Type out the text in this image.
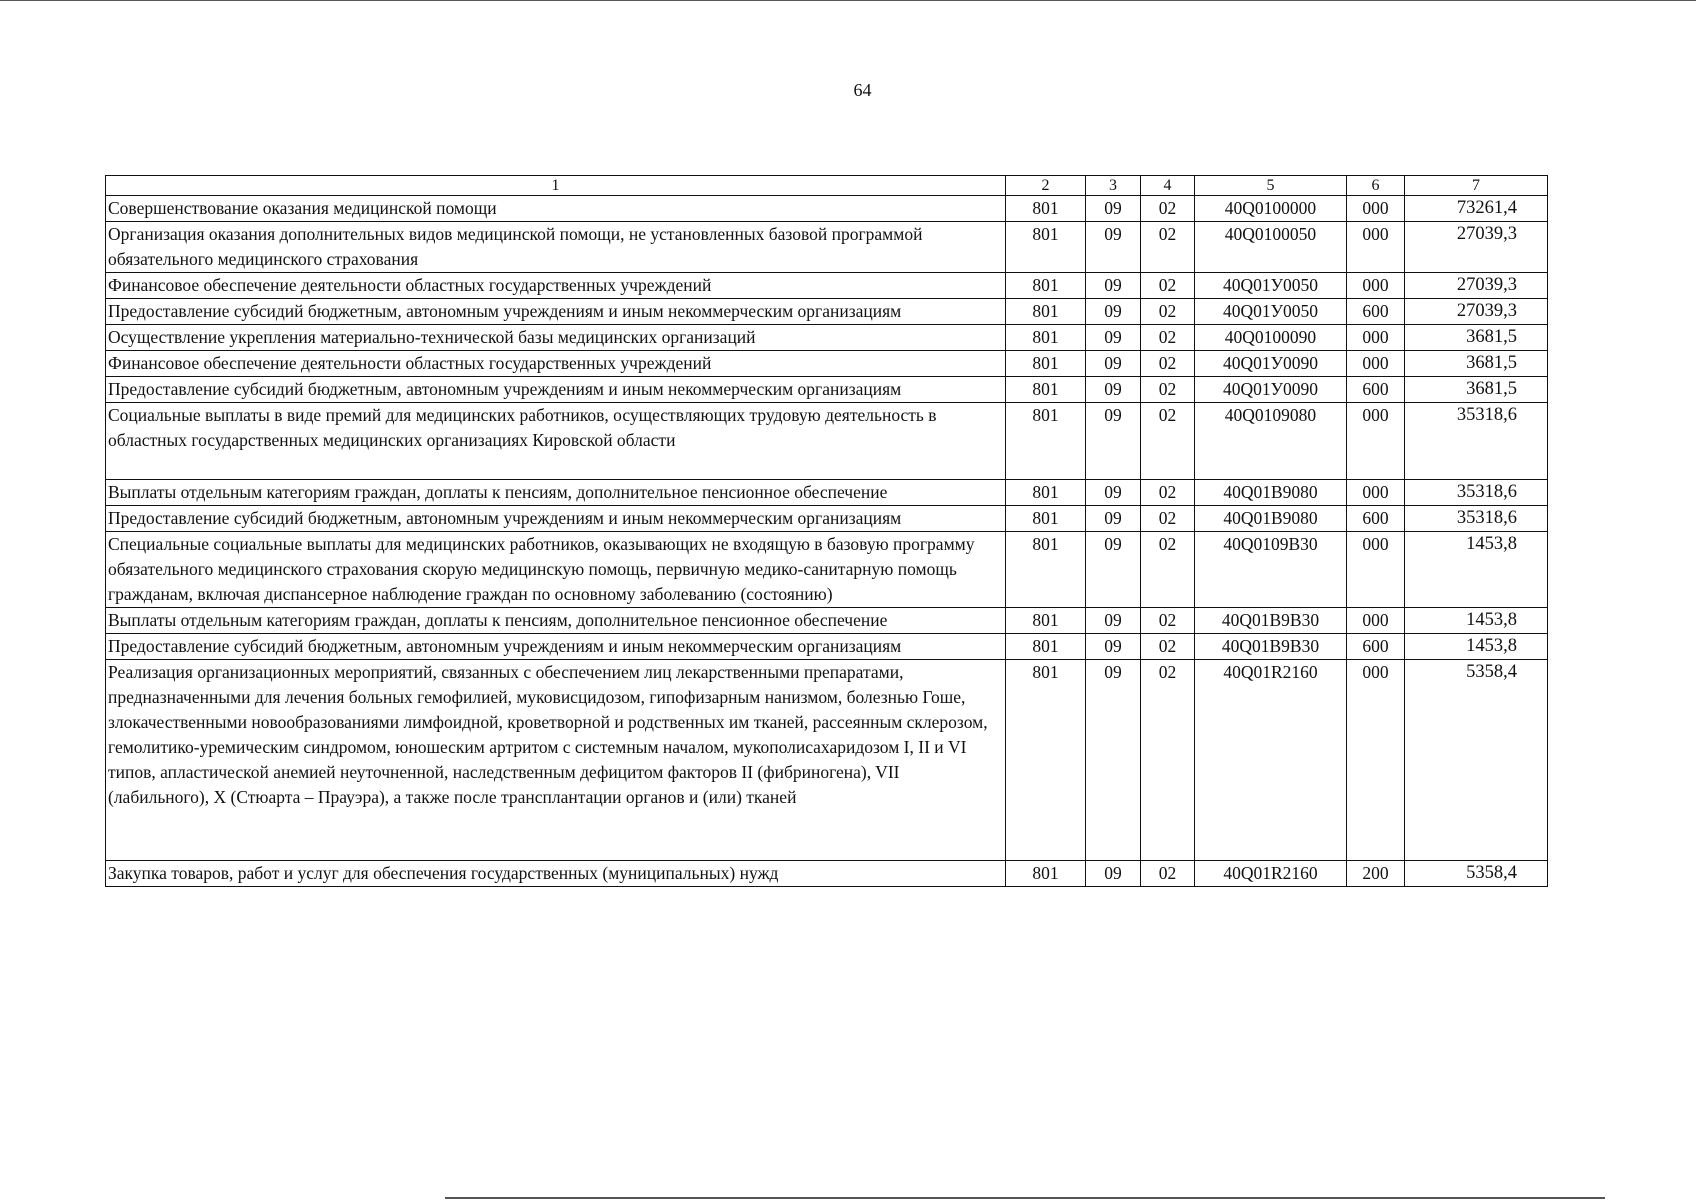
64
1	2	3	4	5	6	7
Совершенствование оказания медицинской помощи	801	09	02	40Q0100000	000	73261,4
Организация оказания дополнительных видов медицинской помощи, не установленных базовой программой обязательного медицинского страхования	801	09	02	40Q0100050	000	27039,3
Финансовое обеспечение деятельности областных государственных учреждений	801	09	02	40Q01У0050	000	27039,3
Предоставление субсидий бюджетным, автономным учреждениям и иным некоммерческим организациям	801	09	02	40Q01У0050	600	27039,3
Осуществление укрепления материально-технической базы медицинских организаций	801	09	02	40Q0100090	000	3681,5
Финансовое обеспечение деятельности областных государственных учреждений	801	09	02	40Q01У0090	000	3681,5
Предоставление субсидий бюджетным, автономным учреждениям и иным некоммерческим организациям	801	09	02	40Q01У0090	600	3681,5
Социальные выплаты в виде премий для медицинских работников, осуществляющих трудовую деятельность в областных государственных медицинских организациях Кировской области	801	09	02	40Q0109080	000	35318,6
Выплаты отдельным категориям граждан, доплаты к пенсиям, дополнительное пенсионное обеспечение	801	09	02	40Q01B9080	000	35318,6
Предоставление субсидий бюджетным, автономным учреждениям и иным некоммерческим организациям	801	09	02	40Q01B9080	600	35318,6
Специальные социальные выплаты для медицинских работников, оказывающих не входящую в базовую программу обязательного медицинского страхования скорую медицинскую помощь, первичную медико-санитарную помощь гражданам, включая диспансерное наблюдение граждан по основному заболеванию (состоянию)	801	09	02	40Q0109B30	000	1453,8
Выплаты отдельным категориям граждан, доплаты к пенсиям, дополнительное пенсионное обеспечение	801	09	02	40Q01B9B30	000	1453,8
Предоставление субсидий бюджетным, автономным учреждениям и иным некоммерческим организациям	801	09	02	40Q01B9B30	600	1453,8
Реализация организационных мероприятий, связанных с обеспечением лиц лекарственными препаратами, предназначенными для лечения больных гемофилией, муковисцидозом, гипофизарным нанизмом, болезнью Гоше, злокачественными новообразованиями лимфоидной, кроветворной и родственных им тканей, рассеянным склерозом, гемолитико-уремическим синдромом, юношеским артритом с системным началом, мукополисахаридозом I, II и VI типов, апластической анемией неуточненной, наследственным дефицитом факторов II (фибриногена), VII (лабильного), X (Стюарта – Прауэра), а также после трансплантации органов и (или) тканей	801	09	02	40Q01R2160	000	5358,4
Закупка товаров, работ и услуг для обеспечения государственных (муниципальных) нужд	801	09	02	40Q01R2160	200	5358,4
